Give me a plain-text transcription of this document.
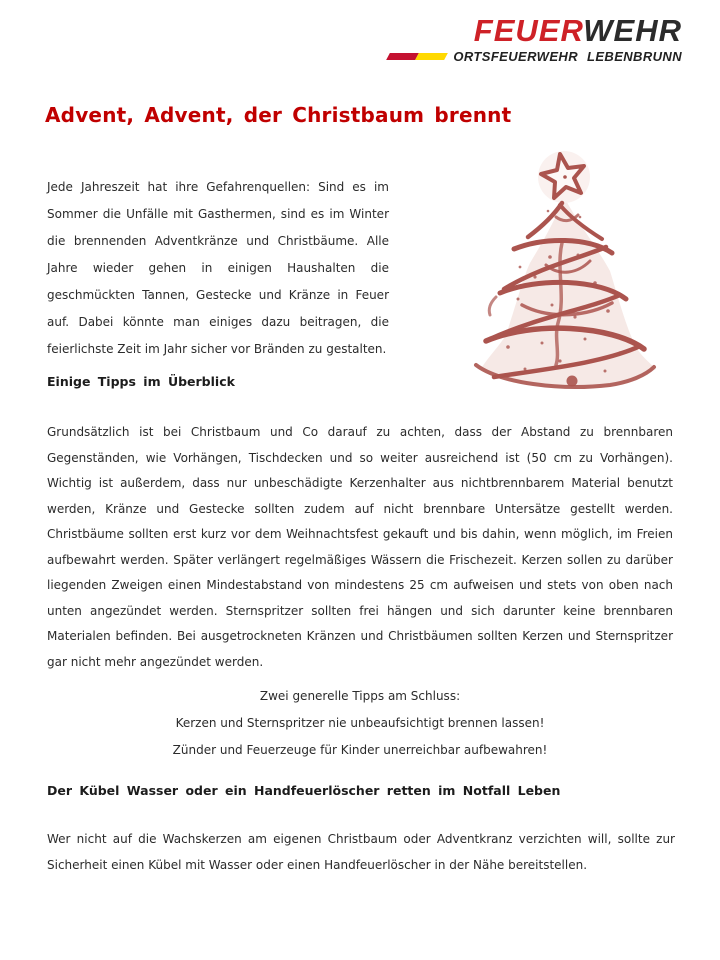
FEUERWEHR
ORTSFEUERWEHR LEBENBRUNN
Advent, Advent, der Christbaum brennt

Jede Jahreszeit hat ihre Gefahrenquellen: Sind es im Sommer die Unfälle mit Gasthermen, sind es im Winter die brennenden Adventkränze und Christbäume. Alle Jahre wieder gehen in einigen Haushalten die geschmückten Tannen, Gestecke und Kränze in Feuer auf. Dabei könnte man einiges dazu beitragen, die feierlichste Zeit im Jahr sicher vor Bränden zu gestalten.

Einige Tipps im Überblick

Grundsätzlich ist bei Christbaum und Co darauf zu achten, dass der Abstand zu brennbaren Gegenständen, wie Vorhängen, Tischdecken und so weiter ausreichend ist (50 cm zu Vorhängen). Wichtig ist außerdem, dass nur unbeschädigte Kerzenhalter aus nichtbrennbarem Material benutzt werden, Kränze und Gestecke sollten zudem auf nicht brennbare Untersätze gestellt werden. Christbäume sollten erst kurz vor dem Weihnachtsfest gekauft und bis dahin, wenn möglich, im Freien aufbewahrt werden. Später verlängert regelmäßiges Wässern die Frischezeit. Kerzen sollen zu darüber liegenden Zweigen einen Mindestabstand von mindestens 25 cm aufweisen und stets von oben nach unten angezündet werden. Sternspritzer sollten frei hängen und sich darunter keine brennbaren Materialen befinden. Bei ausgetrockneten Kränzen und Christbäumen sollten Kerzen und Sternspritzer gar nicht mehr angezündet werden.

Zwei generelle Tipps am Schluss:

Kerzen und Sternspritzer nie unbeaufsichtigt brennen lassen!

Zünder und Feuerzeuge für Kinder unerreichbar aufbewahren!

Der Kübel Wasser oder ein Handfeuerlöscher retten im Notfall Leben

Wer nicht auf die Wachskerzen am eigenen Christbaum oder Adventkranz verzichten will, sollte zur Sicherheit einen Kübel mit Wasser oder einen Handfeuerlöscher in der Nähe bereitstellen.
